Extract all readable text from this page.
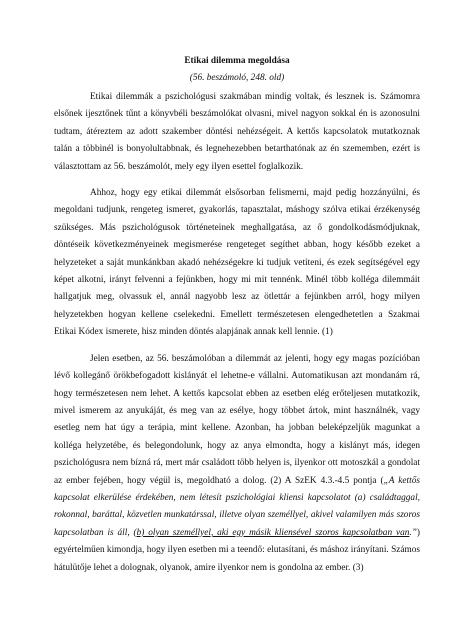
Etikai dilemma megoldása
(56. beszámoló, 248. old)

Etikai dilemmák a pszichológusi szakmában mindig voltak, és lesznek is. Számomra elsőnek ijesztőnek tűnt a könyvbéli beszámolókat olvasni, mivel nagyon sokkal én is azonosulni tudtam, átéreztem az adott szakember döntési nehézségeit. A kettős kapcsolatok mutatkoznak talán a többinél is bonyolultabbnak, és legnehezebben betarthatónak az én szememben, ezért is választottam az 56. beszámolót, mely egy ilyen esettel foglalkozik.

Ahhoz, hogy egy etikai dilemmát elsősorban felismerni, majd pedig hozzányúlni, és megoldani tudjunk, rengeteg ismeret, gyakorlás, tapasztalat, máshogy szólva etikai érzékenység szükséges. Más pszichológusok történeteinek meghallgatása, az ő gondolkodásmódjuknak, döntéseik következményeinek megismerése rengeteget segíthet abban, hogy később ezeket a helyzeteket a saját munkánkban akadó nehézségekre ki tudjuk vetíteni, és ezek segítségével egy képet alkotni, irányt felvenni a fejünkben, hogy mi mit tennénk. Minél több kolléga dilemmáit hallgatjuk meg, olvassuk el, annál nagyobb lesz az ötlettár a fejünkben arról, hogy milyen helyzetekben hogyan kellene cselekedni. Emellett természetesen elengedhetetlen a Szakmai Etikai Kódex ismerete, hisz minden döntés alapjának annak kell lennie. (1)

Jelen esetben, az 56. beszámolóban a dilemmát az jelenti, hogy egy magas pozícióban lévő kollegánő örökbefogadott kislányát el lehetne-e vállalni. Automatikusan azt mondanám rá, hogy természetesen nem lehet. A kettős kapcsolat ebben az esetben elég erőteljesen mutatkozik, mivel ismerem az anyukáját, és meg van az esélye, hogy többet ártok, mint használnék, vagy esetleg nem hat úgy a terápia, mint kellene. Azonban, ha jobban beleképzeljük magunkat a kolléga helyzetébe, és belegondolunk, hogy az anya elmondta, hogy a kislányt más, idegen pszichológusra nem bízná rá, mert már családott több helyen is, ilyenkor ott motoszkál a gondolat az ember fejében, hogy végül is, megoldható a dolog. (2) A SzEK 4.3.-4.5 pontja („A kettős kapcsolat elkerülése érdekében, nem létesít pszichológiai kliensi kapcsolatot (a) családtaggal, rokonnal, baráttal, közvetlen munkatárssal, illetve olyan személlyel, akivel valamilyen más szoros kapcsolatban is áll, (b) olyan személlyel, aki egy másik kliensével szoros kapcsolatban van.”) egyértelműen kimondja, hogy ilyen esetben mi a teendő: elutasítani, és máshoz irányítani. Számos hátulütője lehet a dolognak, olyanok, amire ilyenkor nem is gondolna az ember. (3)
